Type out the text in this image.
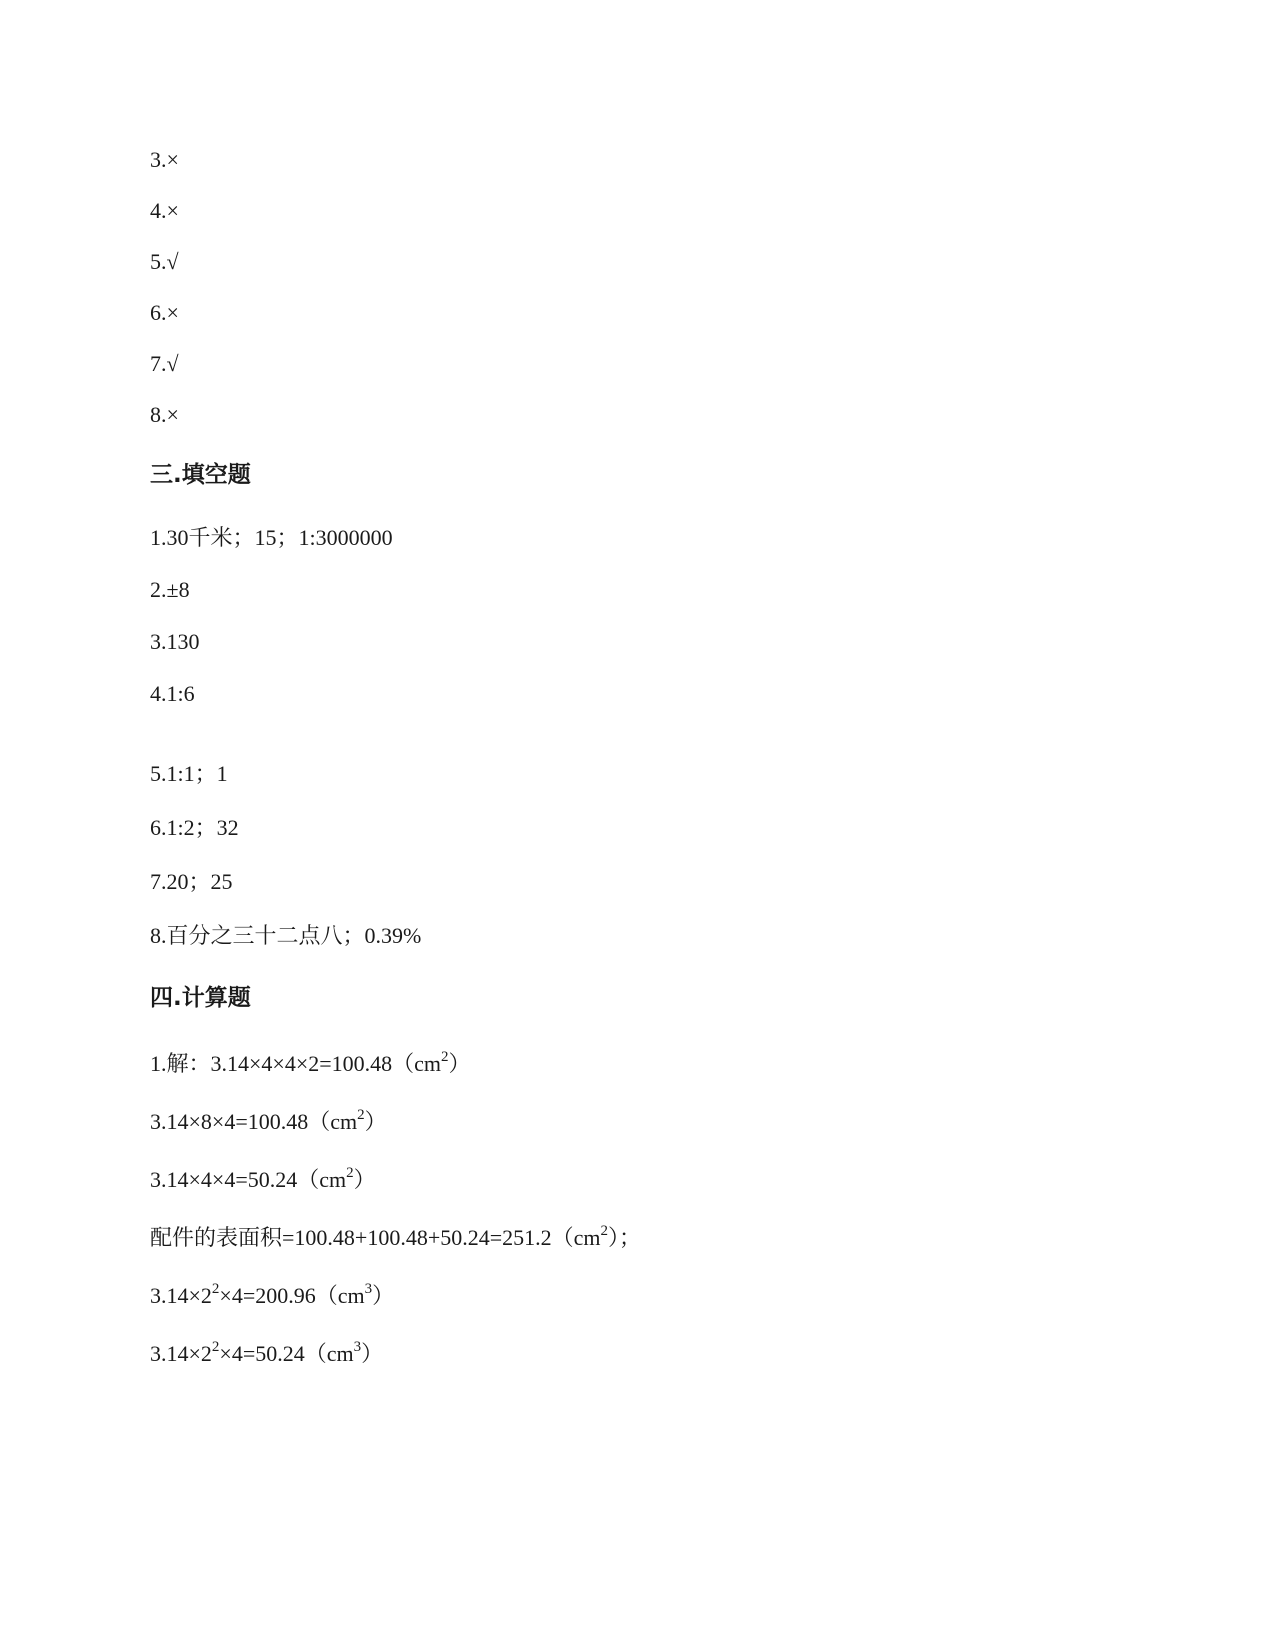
3.×
4.×
5.√
6.×
7.√
8.×
三.填空题
1.30千米；15；1:3000000
2.±8
3.130
4.1:6
5.1:1；1
6.1:2；32
7.20；25
8.百分之三十二点八；0.39%
四.计算题
1.解：$3.14\times 4\times 4\times 2=100.48(cm^2)$
$3.14\times 8\times 4=100.48(cm^2)$
$3.14\times 4\times 4=50.24(cm^2)$
配件的表面积$=100.48+100.48+50.24=251.2(cm^2)$；
$3.14\times 2^2\times 4=200.96(cm^3)$
$3.14\times 2^2\times 4=50.24(cm^3)$
